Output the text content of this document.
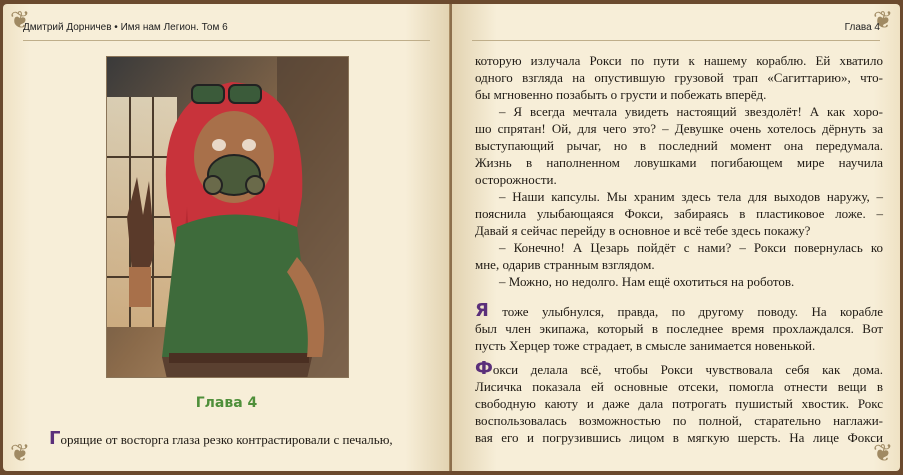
❦
❦
Дмитрий Дорничев • Имя нам Легион. Том 6
Глава 4
Горящие от восторга глаза резко контрастировали с печалью,
❦
❦
Глава 4
которую излучала Рокси по пути к нашему кораблю. Ей хватило
одного взгляда на опустившую грузовой трап «Сагиттарию», что-
бы мгновенно позабыть о грусти и побежать вперёд.
– Я всегда мечтала увидеть настоящий звездолёт! А как хоро-
шо спрятан! Ой, для чего это? – Девушке очень хотелось дёрнуть за
выступающий рычаг, но в последний момент она передумала.
Жизнь в наполненном ловушками погибающем мире научила
осторожности.
– Наши капсулы. Мы храним здесь тела для выходов наружу, –
пояснила улыбающаяся Фокси, забираясь в пластиковое ложе. –
Давай я сейчас перейду в основное и всё тебе здесь покажу?
– Конечно! А Цезарь пойдёт с нами? – Рокси повернулась ко
мне, одарив странным взглядом.
– Можно, но недолго. Нам ещё охотиться на роботов.
Я тоже улыбнулся, правда, по другому поводу. На корабле
был член экипажа, который в последнее время прохлаждался. Вот
пусть Херцер тоже страдает, в смысле занимается новенькой.
Фокси делала всё, чтобы Рокси чувствовала себя как дома.
Лисичка показала ей основные отсеки, помогла отнести вещи в
свободную каюту и даже дала потрогать пушистый хвостик. Рокс
воспользовалась возможностью по полной, старательно наглажи-
вая его и погрузившись лицом в мягкую шерсть. На лице Фокси
